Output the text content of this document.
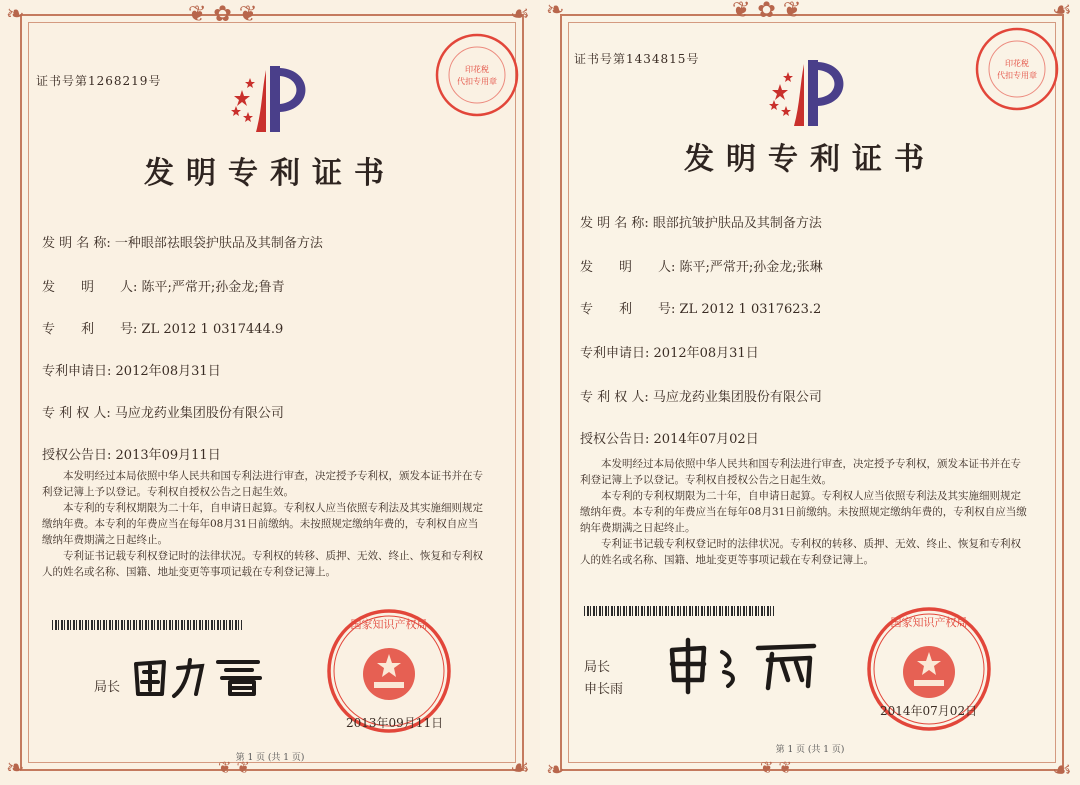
❦ ✿ ❦
❧	☙
❧	☙
❦ ❦
证书号第1268219号
印花税
代扣专用章
发明专利证书
发 明 名 称: 一种眼部祛眼袋护肤品及其制备方法
发　　明　　人: 陈平;严常开;孙金龙;鲁青
专　　利　　号: ZL 2012 1 0317444.9
专利申请日: 2012年08月31日
专 利 权 人: 马应龙药业集团股份有限公司
授权公告日: 2013年09月11日

本发明经过本局依照中华人民共和国专利法进行审查，决定授予专利权，颁发本证书并在专利登记簿上予以登记。专利权自授权公告之日起生效。

本专利的专利权期限为二十年，自申请日起算。专利权人应当依照专利法及其实施细则规定缴纳年费。本专利的年费应当在每年08月31日前缴纳。未按照规定缴纳年费的，专利权自应当缴纳年费期满之日起终止。

专利证书记载专利权登记时的法律状况。专利权的转移、质押、无效、终止、恢复和专利权人的姓名或名称、国籍、地址变更等事项记载在专利登记簿上。

局长
国家知识产权局
2013年09月11日
第 1 页 (共 1 页)
❦ ✿ ❦
❧	☙
❧	☙
❦ ❦
证书号第1434815号	印花税
代扣专用章
发明专利证书
发 明 名 称: 眼部抗皱护肤品及其制备方法
发　　明　　人: 陈平;严常开;孙金龙;张琳
专　　利　　号: ZL 2012 1 0317623.2
专利申请日: 2012年08月31日
专 利 权 人: 马应龙药业集团股份有限公司
授权公告日: 2014年07月02日

本发明经过本局依照中华人民共和国专利法进行审查，决定授予专利权，颁发本证书并在专利登记簿上予以登记。专利权自授权公告之日起生效。

本专利的专利权期限为二十年，自申请日起算。专利权人应当依照专利法及其实施细则规定缴纳年费。本专利的年费应当在每年08月31日前缴纳。未按照规定缴纳年费的，专利权自应当缴纳年费期满之日起终止。

专利证书记载专利权登记时的法律状况。专利权的转移、质押、无效、终止、恢复和专利权人的姓名或名称、国籍、地址变更等事项记载在专利登记簿上。

局长
申长雨
国家知识产权局
2014年07月02日
第 1 页 (共 1 页)
